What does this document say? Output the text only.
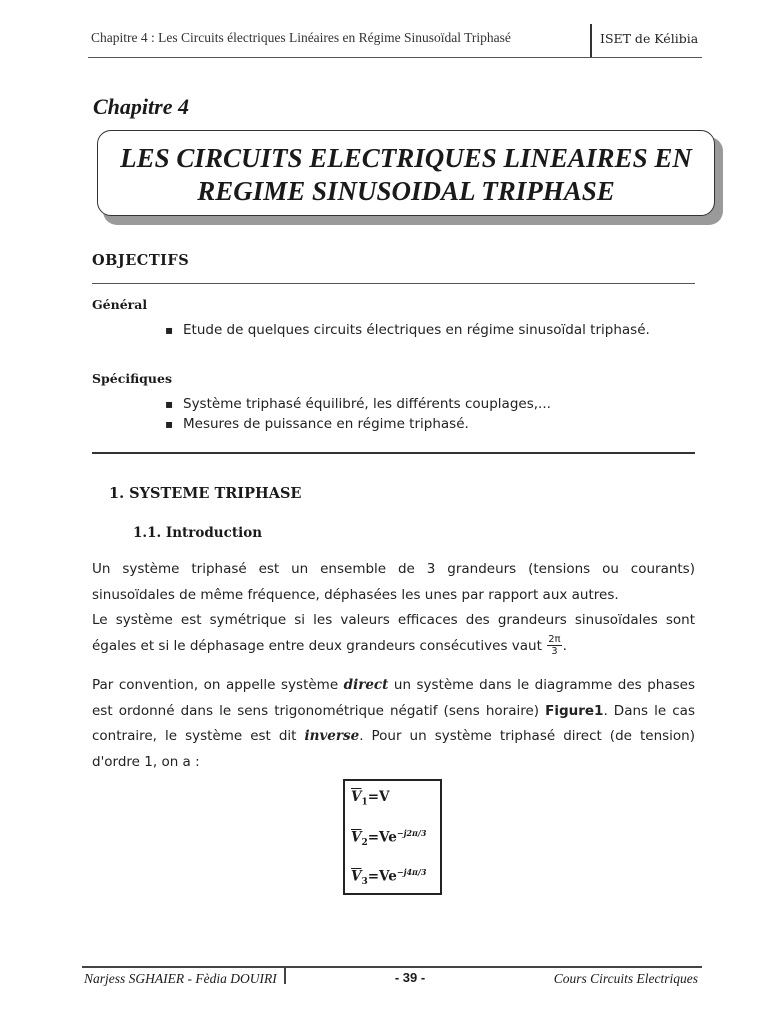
Chapitre 4 : Les Circuits électriques Linéaires en Régime Sinusoïdal Triphasé	ISET de Kélibia
Chapitre 4
LES CIRCUITS ELECTRIQUES LINEAIRES EN
REGIME SINUSOIDAL TRIPHASE
OBJECTIFS
Général
▪ Etude de quelques circuits électriques en régime sinusoïdal triphasé.
Spécifiques
▪ Système triphasé équilibré, les différents couplages,...
▪ Mesures de puissance en régime triphasé.
1. SYSTEME TRIPHASE
1.1. Introduction
Un système triphasé est un ensemble de 3 grandeurs (tensions ou courants) sinusoïdales de même fréquence, déphasées les unes par rapport aux autres.
Le système est symétrique si les valeurs efficaces des grandeurs sinusoïdales sont égales et si le déphasage entre deux grandeurs consécutives vaut $\frac{2\pi}{3}$ .
Par convention, on appelle système direct un système dans le diagramme des phases est ordonné dans le sens trigonométrique négatif (sens horaire) Figure1. Dans le cas contraire, le système est dit inverse. Pour un système triphasé direct (de tension) d'ordre 1, on a :
$\overline{V}_1=V$
$\overline{V}_2=Ve^{-j2\pi/3}$
$\overline{V}_3=Ve^{-j4\pi/3}$
Narjess SGHAIER - Fèdia DOUIRI	- 39 -	Cours Circuits Electriques
